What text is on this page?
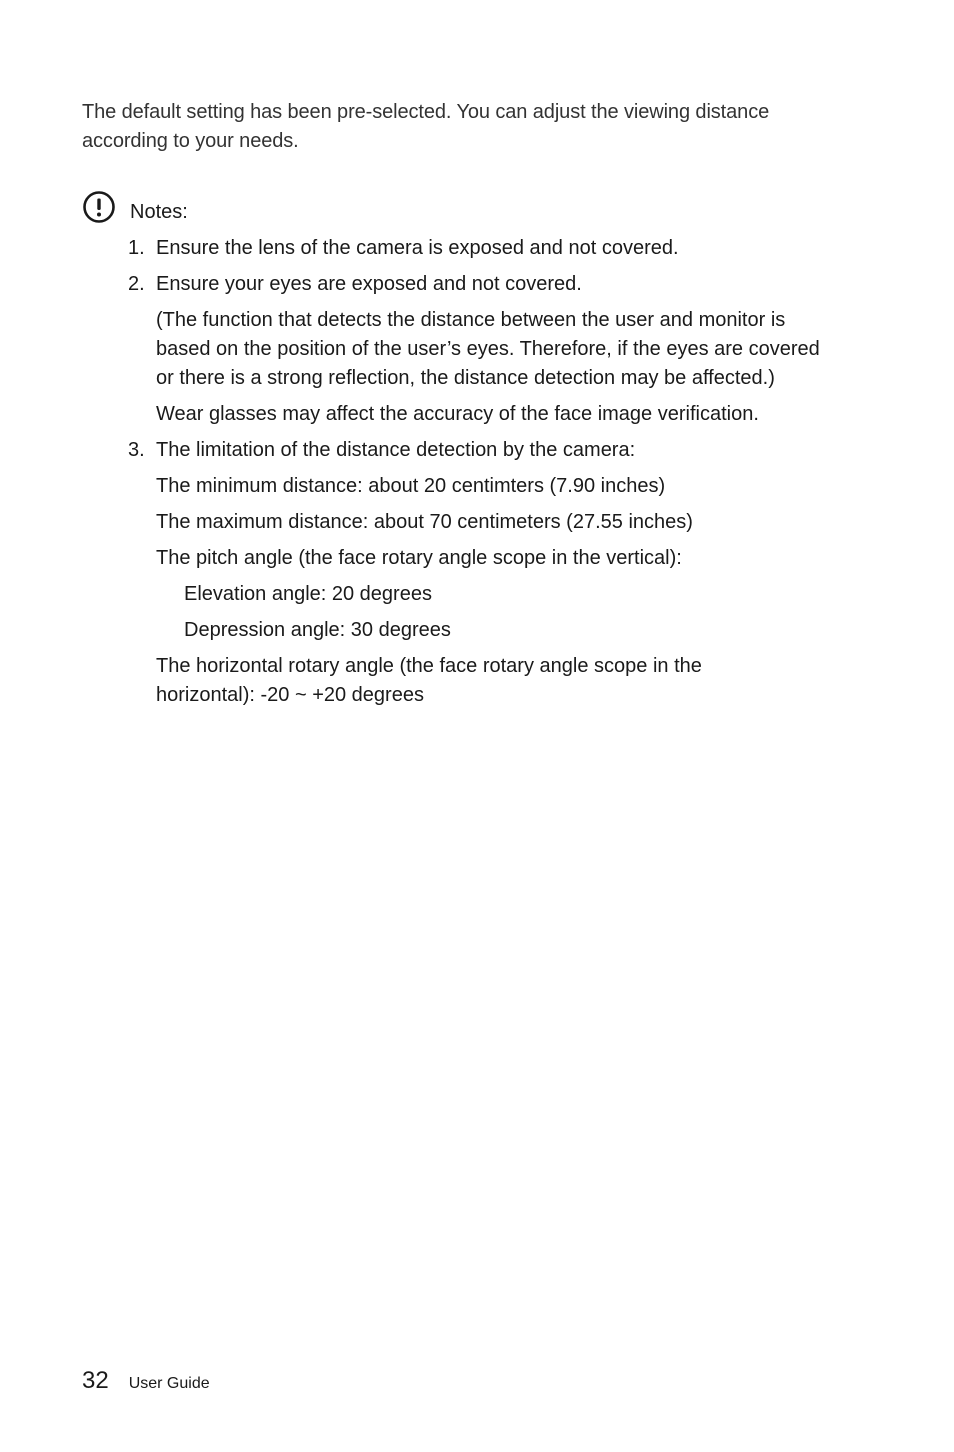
The default setting has been pre-selected. You can adjust the viewing distance according to your needs.

Notes:
1. Ensure the lens of the camera is exposed and not covered.
2. Ensure your eyes are exposed and not covered.

(The function that detects the distance between the user and monitor is based on the position of the user’s eyes. Therefore, if the eyes are covered or there is a strong reflection, the distance detection may be affected.)

Wear glasses may affect the accuracy of the face image verification.

3. The limitation of the distance detection by the camera:

The minimum distance: about 20 centimters (7.90 inches)

The maximum distance: about 70 centimeters (27.55 inches)

The pitch angle (the face rotary angle scope in the vertical):

Elevation angle: 20 degrees

Depression angle: 30 degrees

The horizontal rotary angle (the face rotary angle scope in the horizontal): -20 ~ +20 degrees

32 User Guide
